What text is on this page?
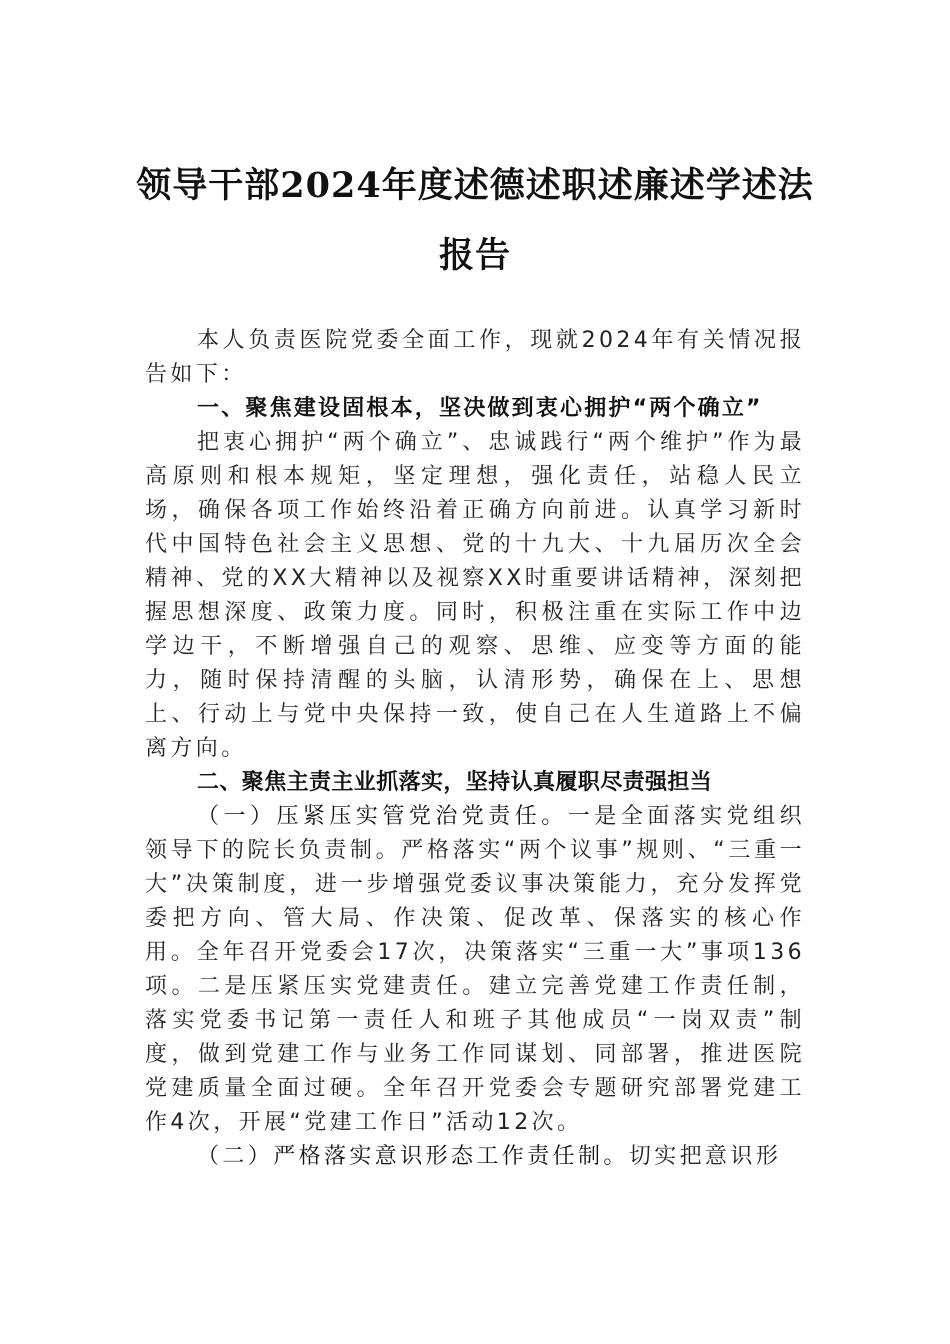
领导干部2024年度述德述职述廉述学述法
报告

本人负责医院党委全面工作，现就2024年有关情况报告如下：

一、聚焦建设固根本，坚决做到衷心拥护“两个确立”

把衷心拥护“两个确立”、忠诚践行“两个维护”作为最高原则和根本规矩，坚定理想，强化责任，站稳人民立场，确保各项工作始终沿着正确方向前进。认真学习新时代中国特色社会主义思想、党的十九大、十九届历次全会精神、党的XX大精神以及视察XX时重要讲话精神，深刻把握思想深度、政策力度。同时，积极注重在实际工作中边学边干，不断增强自己的观察、思维、应变等方面的能力，随时保持清醒的头脑，认清形势，确保在上、思想上、行动上与党中央保持一致，使自己在人生道路上不偏离方向。

二、聚焦主责主业抓落实，坚持认真履职尽责强担当

（一）压紧压实管党治党责任。一是全面落实党组织领导下的院长负责制。严格落实“两个议事”规则、“三重一大”决策制度，进一步增强党委议事决策能力，充分发挥党委把方向、管大局、作决策、促改革、保落实的核心作用。全年召开党委会17次，决策落实“三重一大”事项136项。二是压紧压实党建责任。建立完善党建工作责任制，落实党委书记第一责任人和班子其他成员“一岗双责”制度，做到党建工作与业务工作同谋划、同部署，推进医院党建质量全面过硬。全年召开党委会专题研究部署党建工作4次，开展“党建工作日”活动12次。

（二）严格落实意识形态工作责任制。切实把意识形
